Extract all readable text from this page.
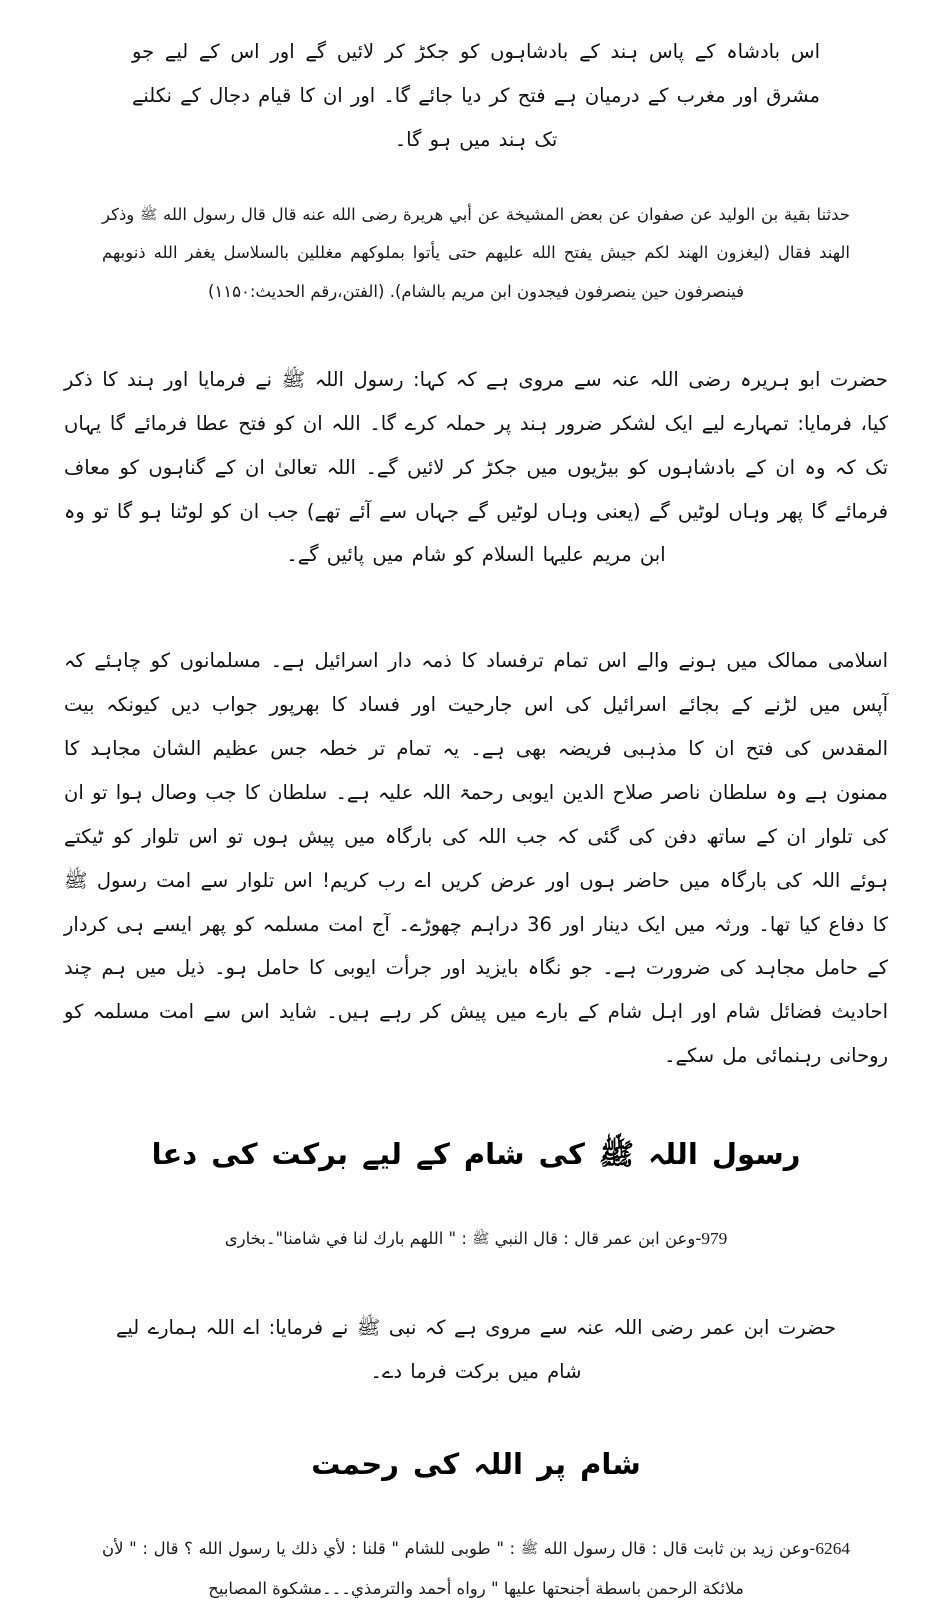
اس بادشاہ کے پاس ہند کے بادشاہوں کو جکڑ کر لائیں گے اور اس کے لیے جو مشرق اور مغرب کے درمیان ہے فتح کر دیا جائے گا۔ اور ان کا قیام دجال کے نکلنے تک ہند میں ہو گا۔
حدثنا بقية بن الوليد عن صفوان عن بعض المشيخة عن أبي هريرة رضى الله عنه قال قال رسول الله ﷺ وذكر الهند فقال (ليغزون الهند لكم جيش يفتح الله عليهم حتى يأتوا بملوكهم مغللين بالسلاسل يغفر الله ذنوبهم فينصرفون حين ينصرفون فيجدون ابن مريم بالشام). (الفتن،رقم الحديث:۱۱۵۰)
حضرت ابو ہریرہ رضی اللہ عنہ سے مروی ہے کہ کہا: رسول اللہ ﷺ نے فرمایا اور ہند کا ذکر کیا، فرمایا: تمہارے لیے ایک لشکر ضرور ہند پر حملہ کرے گا۔ اللہ ان کو فتح عطا فرمائے گا یہاں تک کہ وہ ان کے بادشاہوں کو بیڑیوں میں جکڑ کر لائیں گے۔ اللہ تعالیٰ ان کے گناہوں کو معاف فرمائے گا پھر وہاں لوٹیں گے (یعنی وہاں لوٹیں گے جہاں سے آئے تھے) جب ان کو لوٹنا ہو گا تو وہ ابن مریم علیہا السلام کو شام میں پائیں گے۔
اسلامی ممالک میں ہونے والے اس تمام ترفساد کا ذمہ دار اسرائیل ہے۔ مسلمانوں کو چاہئے کہ آپس میں لڑنے کے بجائے اسرائیل کی اس جارحیت اور فساد کا بھرپور جواب دیں کیونکہ بیت المقدس کی فتح ان کا مذہبی فریضہ بھی ہے۔ یہ تمام تر خطہ جس عظیم الشان مجاہد کا ممنون ہے وہ سلطان ناصر صلاح الدین ایوبی رحمۃ اللہ علیہ ہے۔ سلطان کا جب وصال ہوا تو ان کی تلوار ان کے ساتھ دفن کی گئی کہ جب اللہ کی بارگاہ میں پیش ہوں تو اس تلوار کو ٹیکتے ہوئے اللہ کی بارگاہ میں حاضر ہوں اور عرض کریں اے رب کریم! اس تلوار سے امت رسول ﷺ کا دفاع کیا تھا۔ ورثہ میں ایک دینار اور 36 دراہم چھوڑے۔ آج امت مسلمہ کو پھر ایسے ہی کردار کے حامل مجاہد کی ضرورت ہے۔ جو نگاہ بایزید اور جرأت ایوبی کا حامل ہو۔ ذیل میں ہم چند احادیث فضائل شام اور اہل شام کے بارے میں پیش کر رہے ہیں۔ شاید اس سے امت مسلمہ کو روحانی رہنمائی مل سکے۔
رسول اللہ ﷺ کی شام کے لیے برکت کی دعا
979-وعن ابن عمر قال : قال النبي ﷺ : " اللهم بارك لنا في شامنا"۔بخاری
حضرت ابن عمر رضی اللہ عنہ سے مروی ہے کہ نبی ﷺ نے فرمایا: اے اللہ ہمارے لیے شام میں برکت فرما دے۔
شام پر اللہ کی رحمت
6264-وعن زيد بن ثابت قال : قال رسول الله ﷺ : " طوبى للشام " قلنا : لأي ذلك يا رسول الله ؟ قال : " لأن ملائكة الرحمن باسطة أجنحتها عليها " رواه أحمد والترمذي۔۔۔مشكوة المصابيح
